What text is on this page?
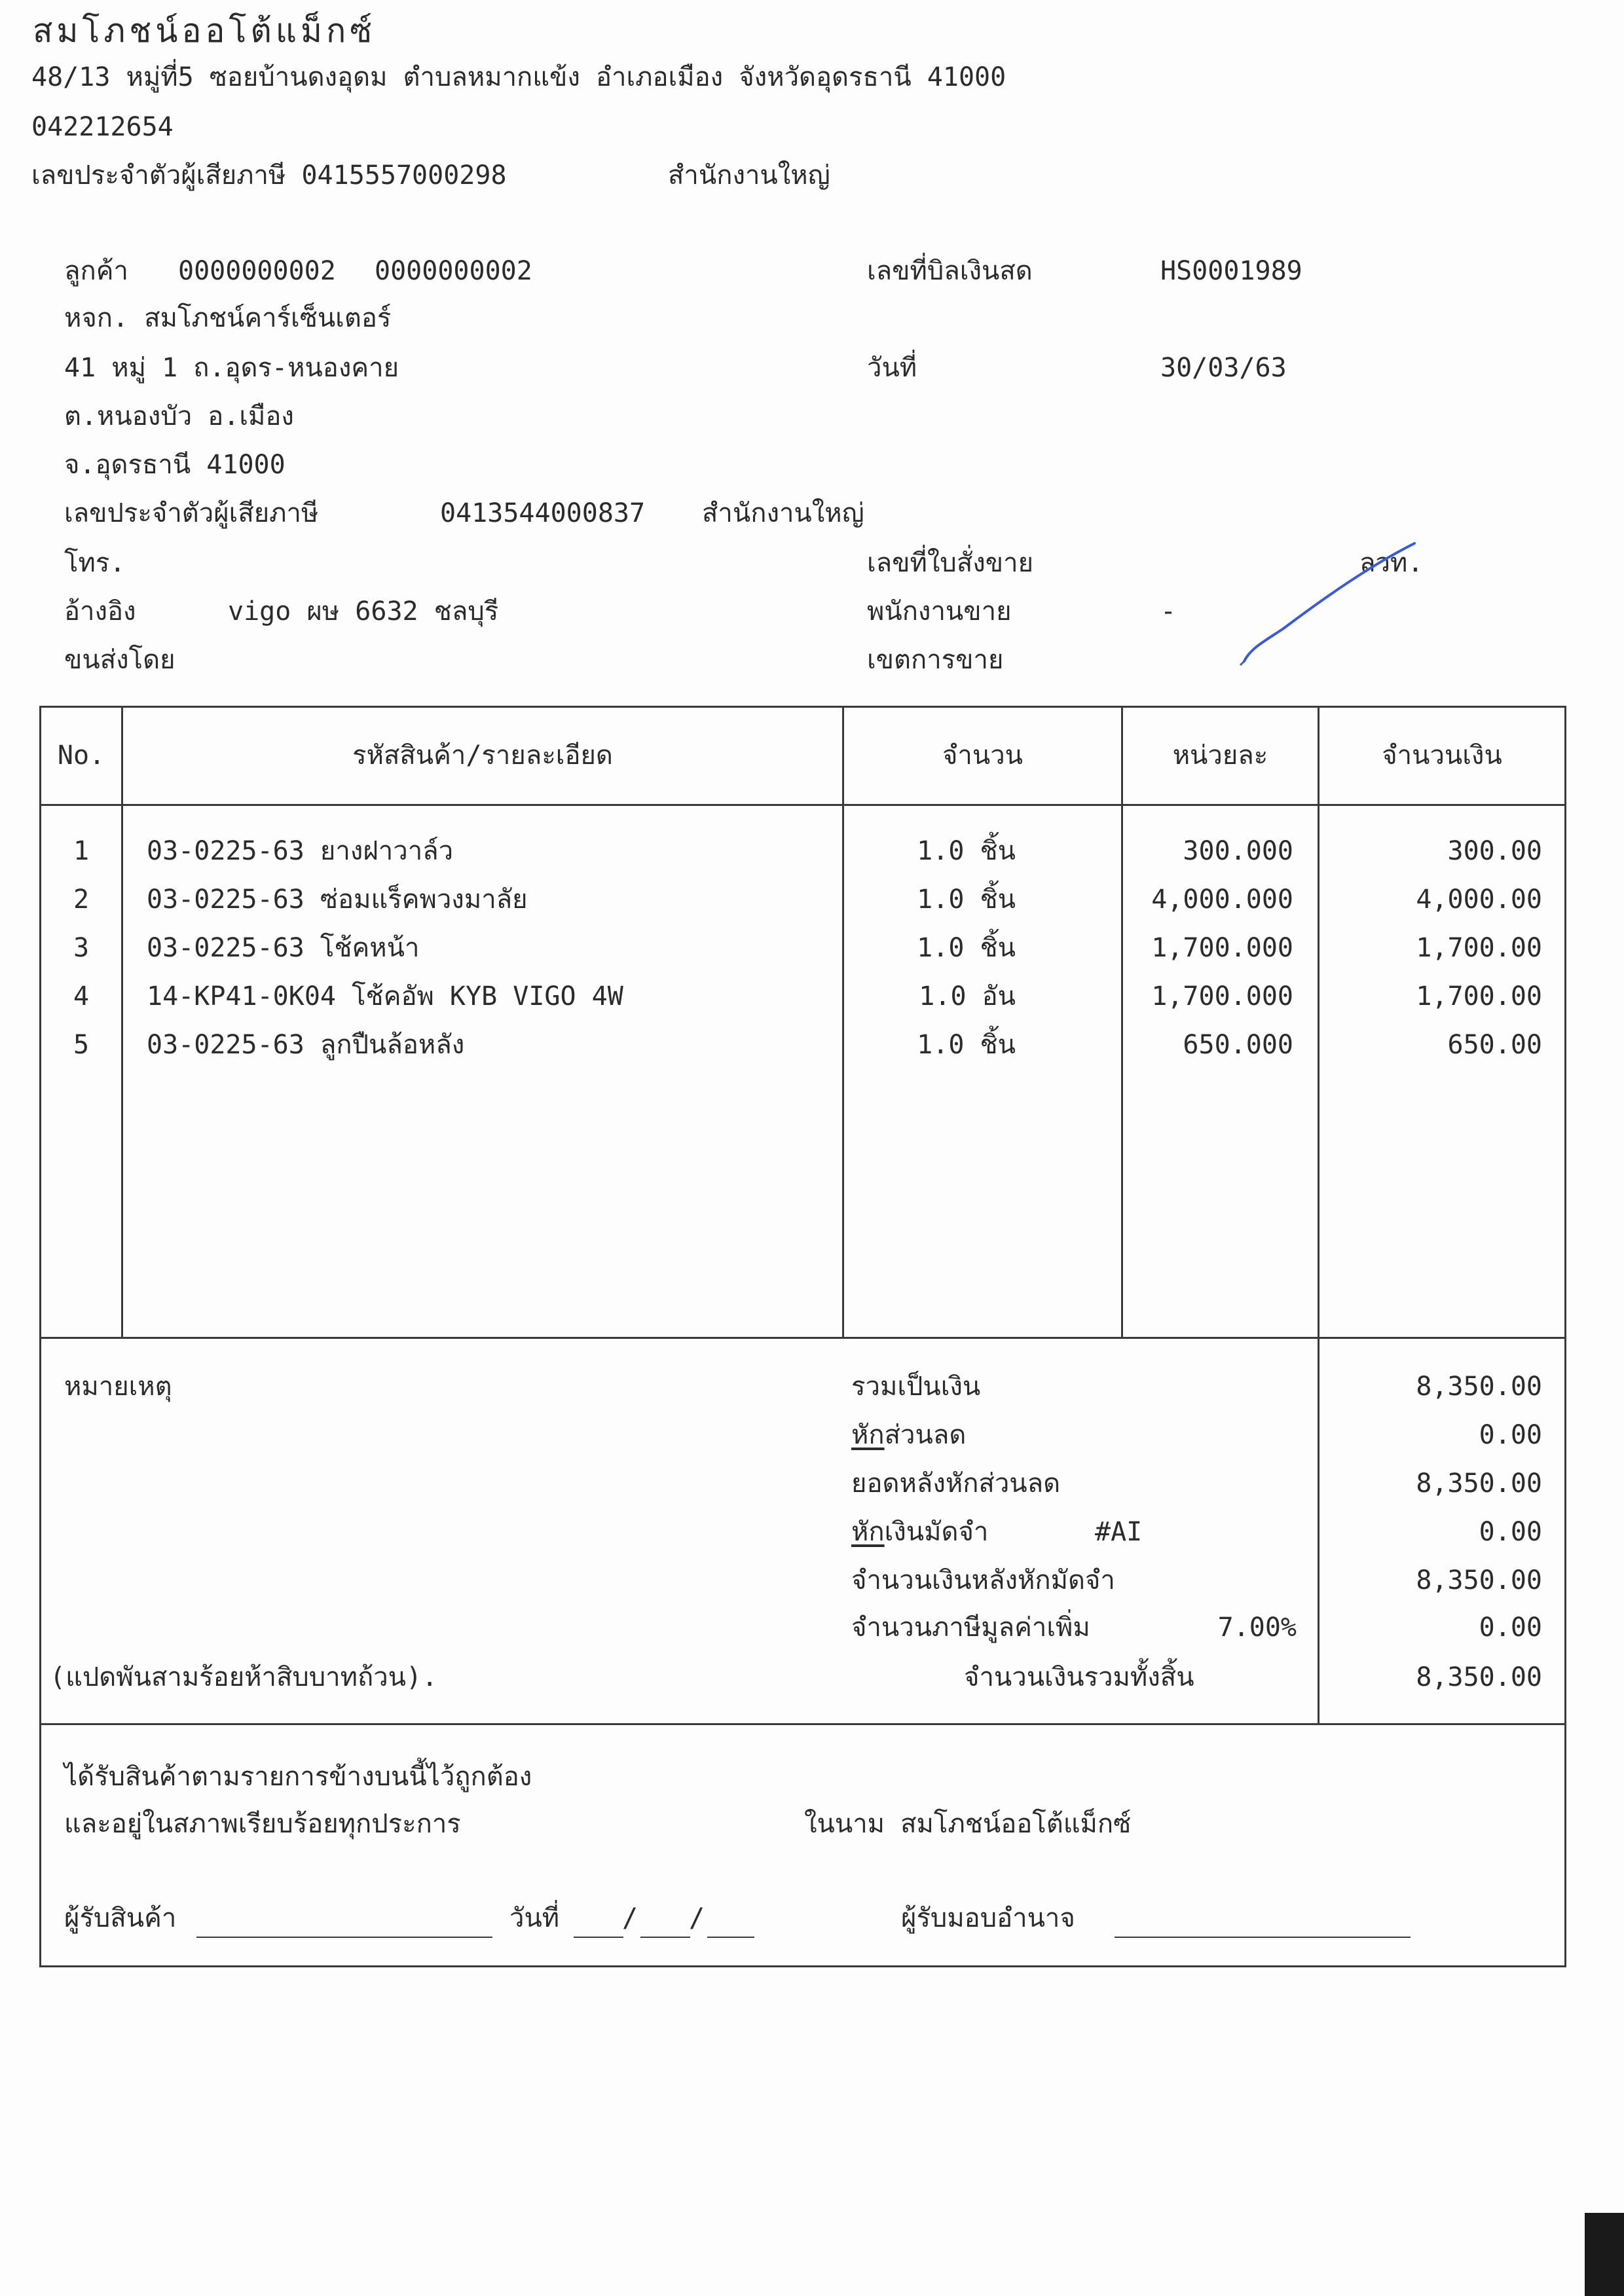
สมโภชน์ออโต้แม็กซ์
48/13 หมู่ที่5 ซอยบ้านดงอุดม ตำบลหมากแข้ง อำเภอเมือง จังหวัดอุดรธานี 41000
042212654
เลขประจำตัวผู้เสียภาษี 0415557000298	สำนักงานใหญ่
ลูกค้า 0000000002 0000000002
หจก. สมโภชน์คาร์เซ็นเตอร์
41 หมู่ 1 ถ.อุดร-หนองคาย
ต.หนองบัว อ.เมือง
จ.อุดรธานี 41000
เลขประจำตัวผู้เสียภาษี	0413544000837 สำนักงานใหญ่
โทร.
อ้างอิง	vigo ผษ 6632 ชลบุรี
ขนส่งโดย
เลขที่บิลเงินสด	HS0001989
วันที่	30/03/63
เลขที่ใบสั่งขาย	ลวท.
พนักงานขาย	-
เขตการขาย
No.	รหัสสินค้า/รายละเอียด	จำนวน	หน่วยละ	จำนวนเงิน
1	03-0225-63 ยางฝาวาล์ว	1.0 ชิ้น	300.000	300.00
2	03-0225-63 ซ่อมแร็คพวงมาลัย	1.0 ชิ้น	4,000.000	4,000.00
3	03-0225-63 โช้คหน้า	1.0 ชิ้น	1,700.000	1,700.00
4	14-KP41-0K04 โช้คอัพ KYB VIGO 4W	1.0 อัน	1,700.000	1,700.00
5	03-0225-63 ลูกปืนล้อหลัง	1.0 ชิ้น	650.000	650.00
หมายเหตุ	รวมเป็นเงิน	8,350.00
หักส่วนลด	0.00
ยอดหลังหักส่วนลด	8,350.00
หักเงินมัดจำ	#AI	0.00
จำนวนเงินหลังหักมัดจำ	8,350.00
จำนวนภาษีมูลค่าเพิ่ม	7.00%	0.00
(แปดพันสามร้อยห้าสิบบาทถ้วน).	จำนวนเงินรวมทั้งสิ้น	8,350.00
ได้รับสินค้าตามรายการข้างบนนี้ไว้ถูกต้อง
และอยู่ในสภาพเรียบร้อยทุกประการ	ในนาม สมโภชน์ออโต้แม็กซ์
ผู้รับสินค้า	วันที่ / /	ผู้รับมอบอำนาจ
